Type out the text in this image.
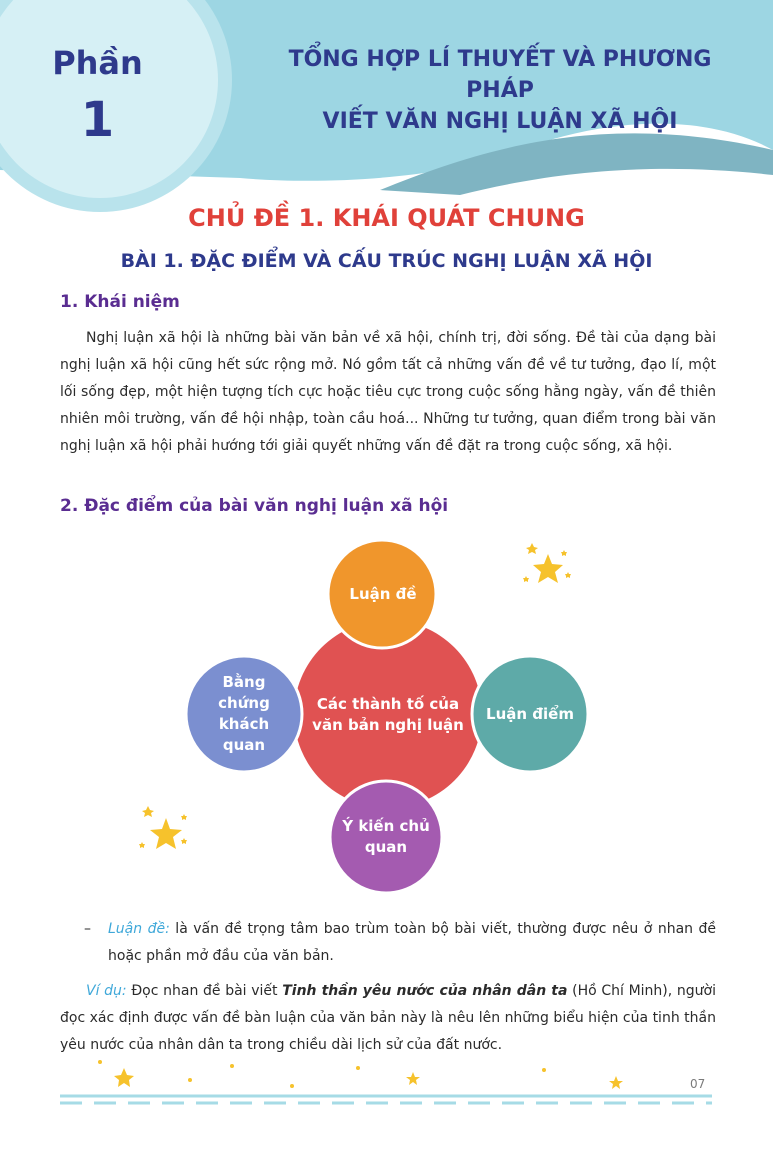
Phần
1
TỔNG HỢP LÍ THUYẾT VÀ PHƯƠNG PHÁP
VIẾT VĂN NGHỊ LUẬN XÃ HỘI
CHỦ ĐỀ 1. KHÁI QUÁT CHUNG
BÀI 1. ĐẶC ĐIỂM VÀ CẤU TRÚC NGHỊ LUẬN XÃ HỘI
1. Khái niệm

Nghị luận xã hội là những bài văn bản về xã hội, chính trị, đời sống. Đề tài của dạng bài nghị luận xã hội cũng hết sức rộng mở. Nó gồm tất cả những vấn đề về tư tưởng, đạo lí, một lối sống đẹp, một hiện tượng tích cực hoặc tiêu cực trong cuộc sống hằng ngày, vấn đề thiên nhiên môi trường, vấn đề hội nhập, toàn cầu hoá... Những tư tưởng, quan điểm trong bài văn nghị luận xã hội phải hướng tới giải quyết những vấn đề đặt ra trong cuộc sống, xã hội.

2. Đặc điểm của bài văn nghị luận xã hội
Các thành tố của văn bản nghị luận
Luận đề
Bằng chứng khách quan
Luận điểm
Ý kiến chủ quan
–	Luận đề: là vấn đề trọng tâm bao trùm toàn bộ bài viết, thường được nêu ở nhan đề hoặc phần mở đầu của văn bản.

Ví dụ: Đọc nhan đề bài viết Tinh thần yêu nước của nhân dân ta (Hồ Chí Minh), người đọc xác định được vấn đề bàn luận của văn bản này là nêu lên những biểu hiện của tinh thần yêu nước của nhân dân ta trong chiều dài lịch sử của đất nước.

07
